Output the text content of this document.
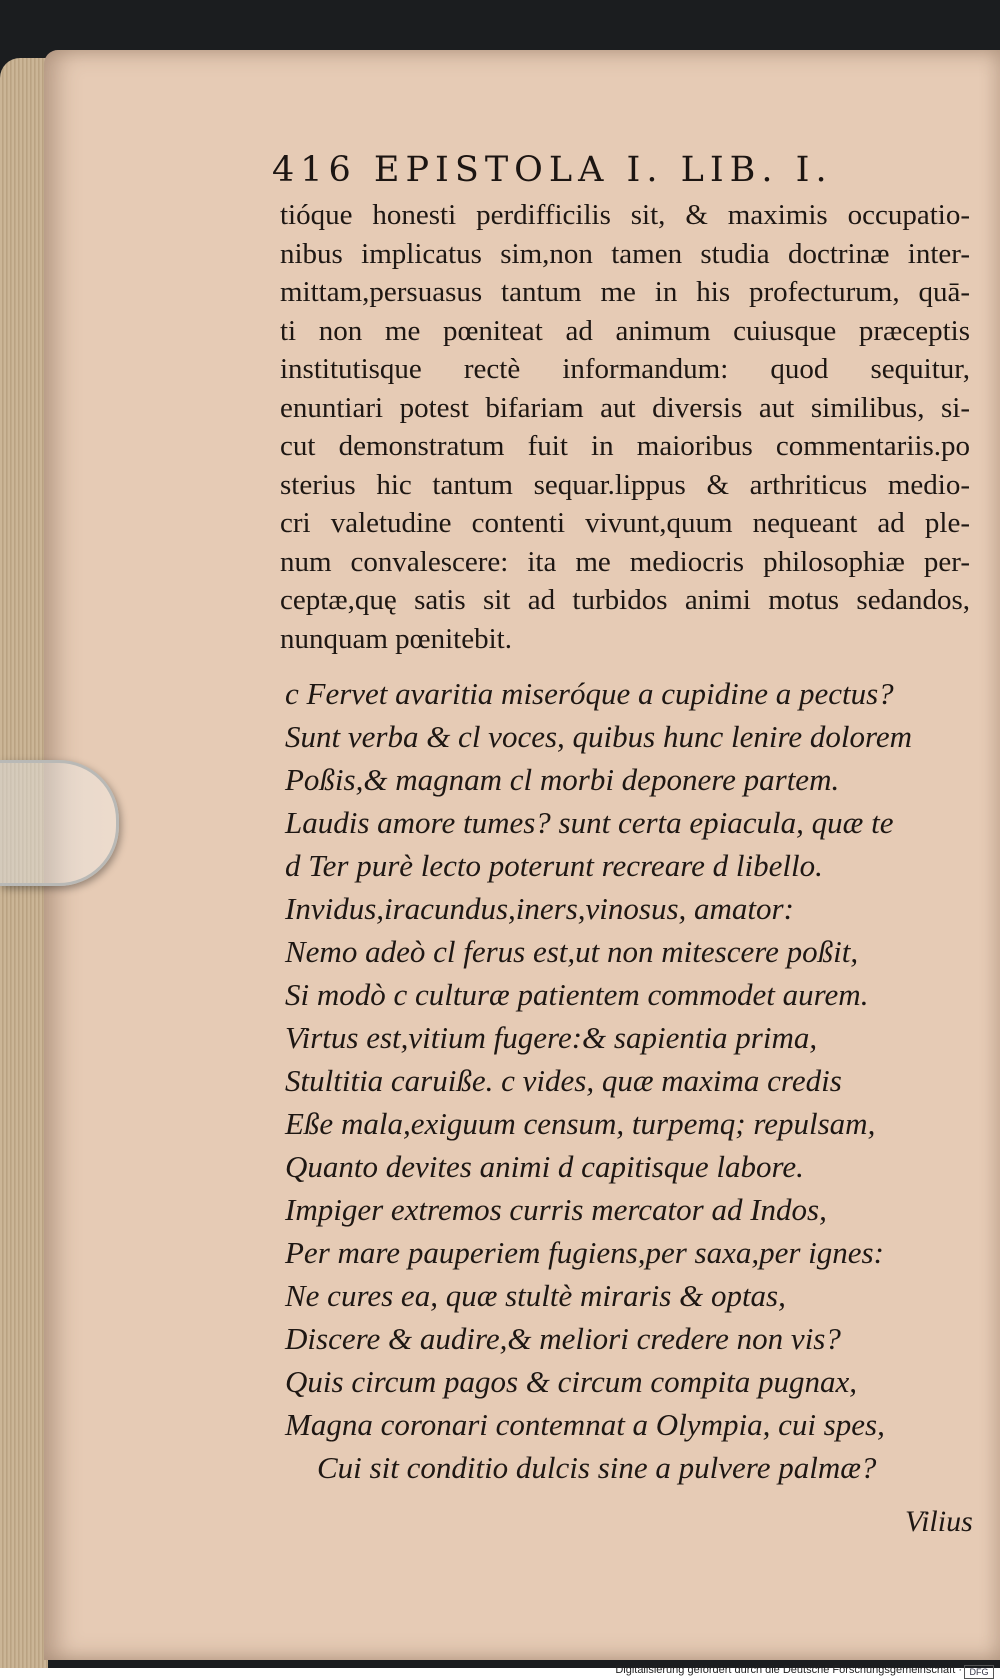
416 EPISTOLA I. LIB. I.
tióque honesti perdifficilis sit, & maximis occupatio-
nibus implicatus sim,non tamen studia doctrinæ inter-
mittam,persuasus tantum me in his profecturum, quā-
ti non me pœniteat ad animum cuiusque præceptis
institutisque rectè informandum: quod sequitur,
enuntiari potest bifariam aut diversis aut similibus, si-
cut demonstratum fuit in maioribus commentariis.po
sterius hic tantum sequar.lippus & arthriticus medio-
cri valetudine contenti vivunt,quum nequeant ad ple-
num convalescere: ita me mediocris philosophiæ per-
ceptæ,quę satis sit ad turbidos animi motus sedandos,
nunquam pœnitebit.
c Fervet avaritia miseróque a cupidine a pectus?
Sunt verba & cl voces, quibus hunc lenire dolorem
Poßis,& magnam cl morbi deponere partem.
Laudis amore tumes? sunt certa epiacula, quæ te
d Ter purè lecto poterunt recreare d libello.
Invidus,iracundus,iners,vinosus, amator:
Nemo adeò cl ferus est,ut non mitescere poßit,
Si modò c culturæ patientem commodet aurem.
Virtus est,vitium fugere:& sapientia prima,
Stultitia caruiße. c vides, quæ maxima credis
Eße mala,exiguum censum, turpemq; repulsam,
Quanto devites animi d capitisque labore.
Impiger extremos curris mercator ad Indos,
Per mare pauperiem fugiens,per saxa,per ignes:
Ne cures ea, quæ stultè miraris & optas,
Discere & audire,& meliori credere non vis?
Quis circum pagos & circum compita pugnax,
Magna coronari contemnat a Olympia, cui spes,
Cui sit conditio dulcis sine a pulvere palmæ?
Vilius
Digitalisierung gefördert durch die Deutsche Forschungsgemeinschaft · DFG
